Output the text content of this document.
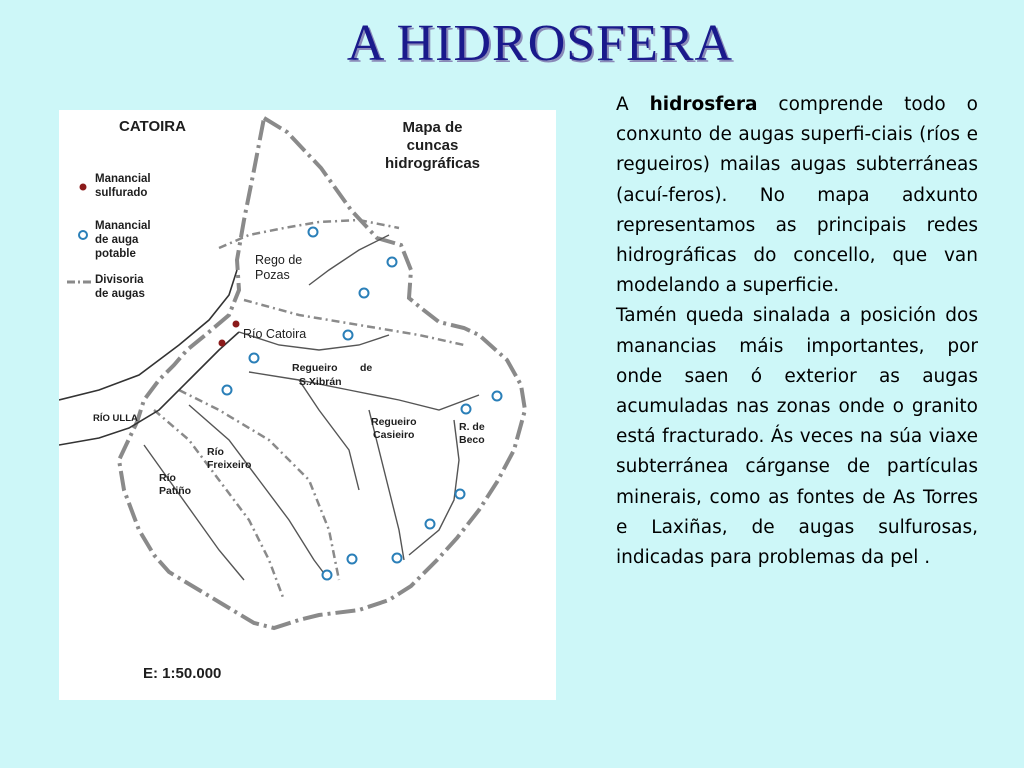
A HIDROSFERA
CATOIRA	Mapa de
cuncas
hidrográficas
Manancial
sulfurado
Manancial
de auga
potable
Divisoria
de augas
Rego de
Pozas
Río Catoira
Regueiro de
S.Xibrán
Regueiro
Casieiro
R. de
Beco
RÍO ULLA
Río
Freixeiro
Río
Patiño
E: 1:50.000

A hidrosfera comprende todo o conxunto de augas superfi-ciais (ríos e regueiros) mailas augas subterráneas (acuí-feros). No mapa adxunto representamos as principais redes hidrográficas do concello, que van modelando a superficie.

Tamén queda sinalada a posición dos manancias máis importantes, por onde saen ó exterior as augas acumuladas nas zonas onde o granito está fracturado. Ás veces na súa viaxe subterránea cárganse de partículas minerais, como as fontes de As Torres e Laxiñas, de augas sulfurosas, indicadas para problemas da pel .
